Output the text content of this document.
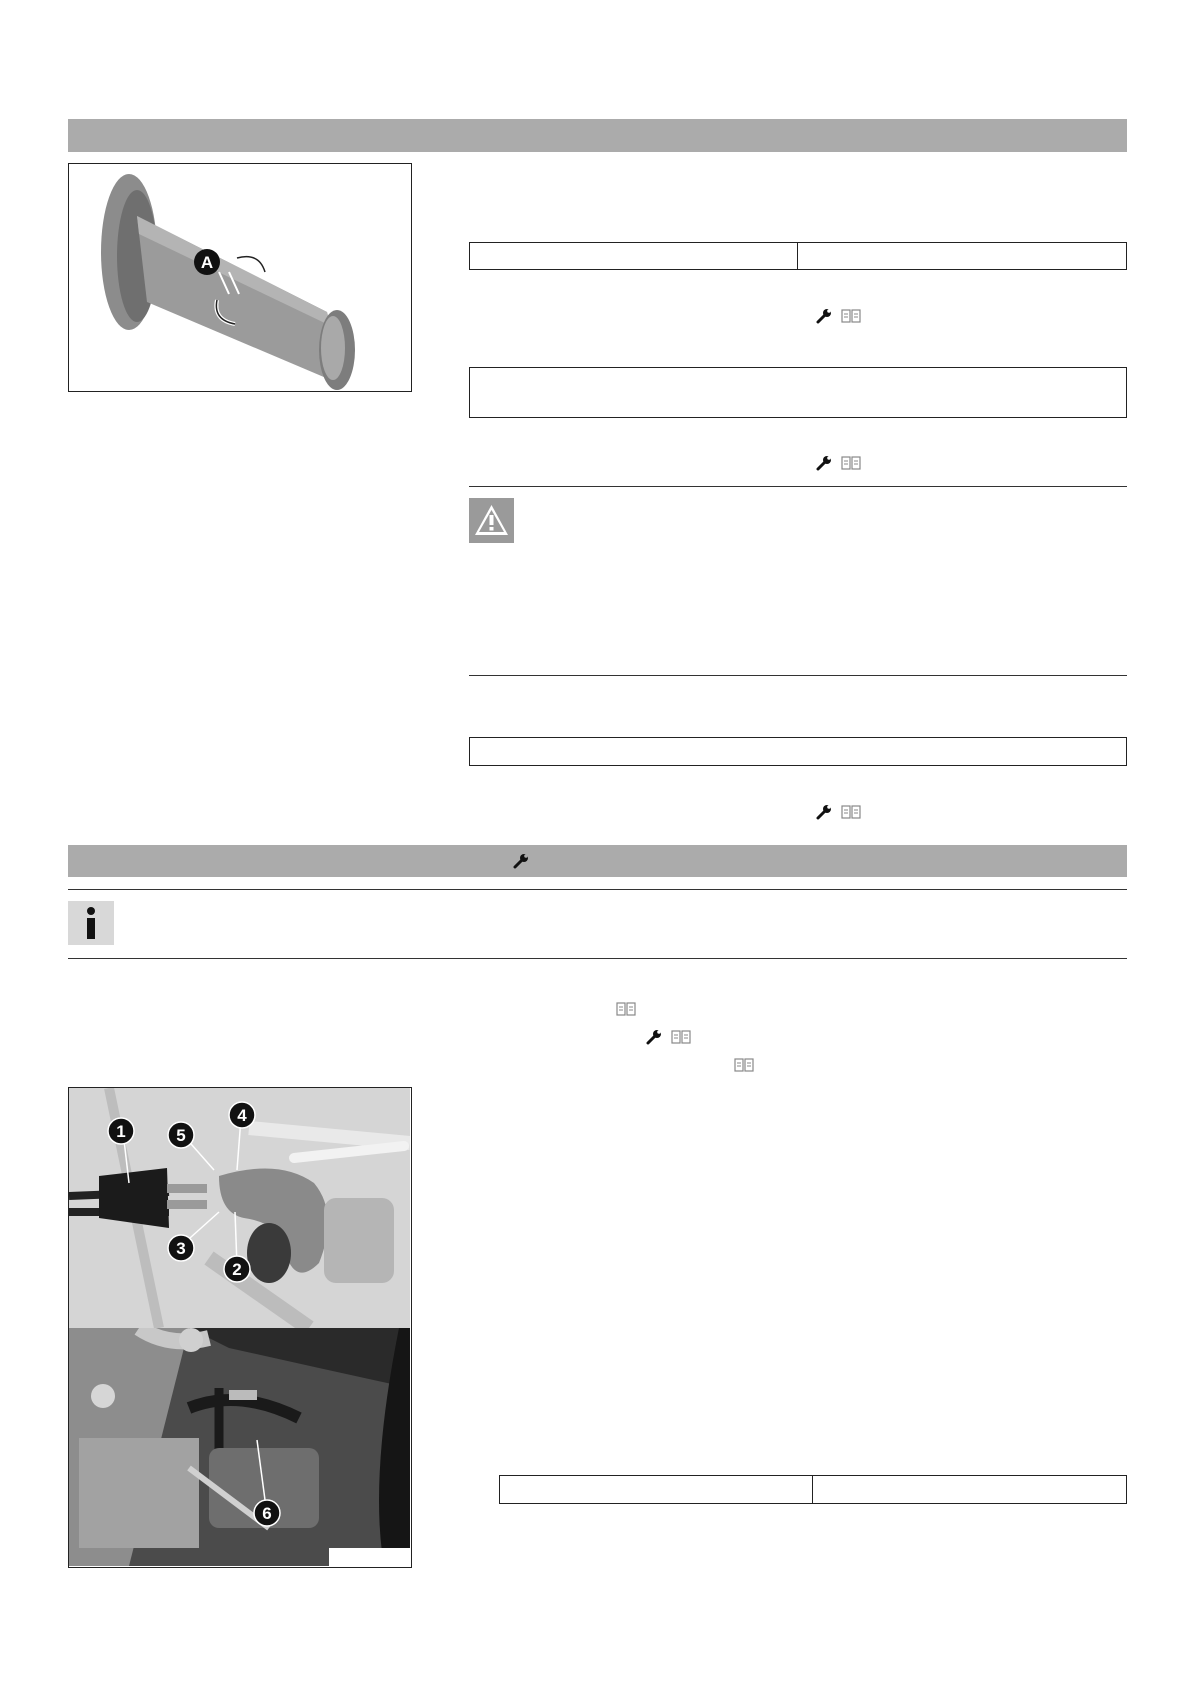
A
1	5
4
3
2
6
